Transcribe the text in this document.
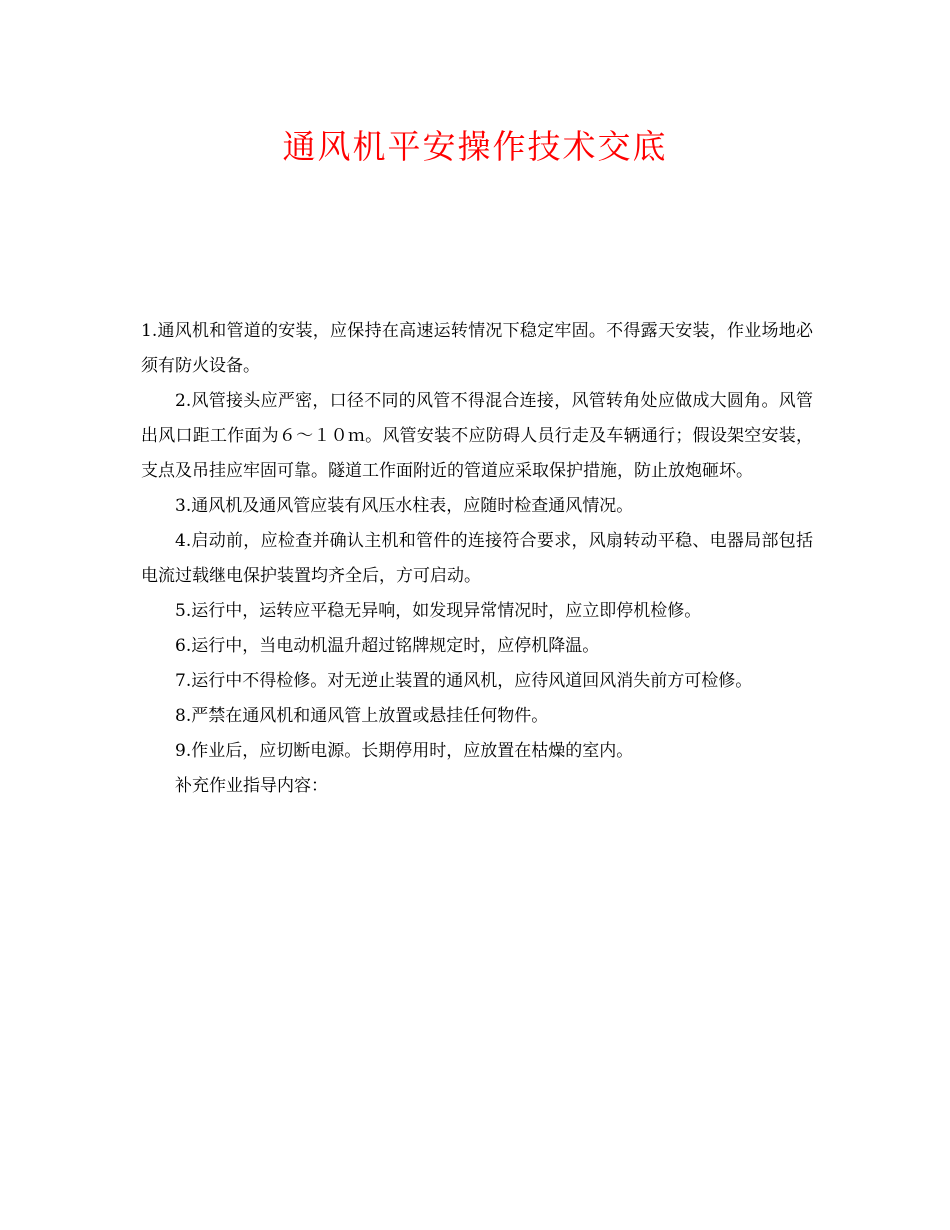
通风机平安操作技术交底

1.通风机和管道的安装，应保持在高速运转情况下稳定牢固。不得露天安装，作业场地必须有防火设备。

2.风管接头应严密，口径不同的风管不得混合连接，风管转角处应做成大圆角。风管出风口距工作面为６～１０ｍ。风管安装不应防碍人员行走及车辆通行；假设架空安装，支点及吊挂应牢固可靠。隧道工作面附近的管道应采取保护措施，防止放炮砸坏。

3.通风机及通风管应装有风压水柱表，应随时检查通风情况。

4.启动前，应检查并确认主机和管件的连接符合要求，风扇转动平稳、电器局部包括电流过载继电保护装置均齐全后，方可启动。

5.运行中，运转应平稳无异响，如发现异常情况时，应立即停机检修。

6.运行中，当电动机温升超过铭牌规定时，应停机降温。

7.运行中不得检修。对无逆止装置的通风机，应待风道回风消失前方可检修。

8.严禁在通风机和通风管上放置或悬挂任何物件。

9.作业后，应切断电源。长期停用时，应放置在枯燥的室内。

补充作业指导内容：
